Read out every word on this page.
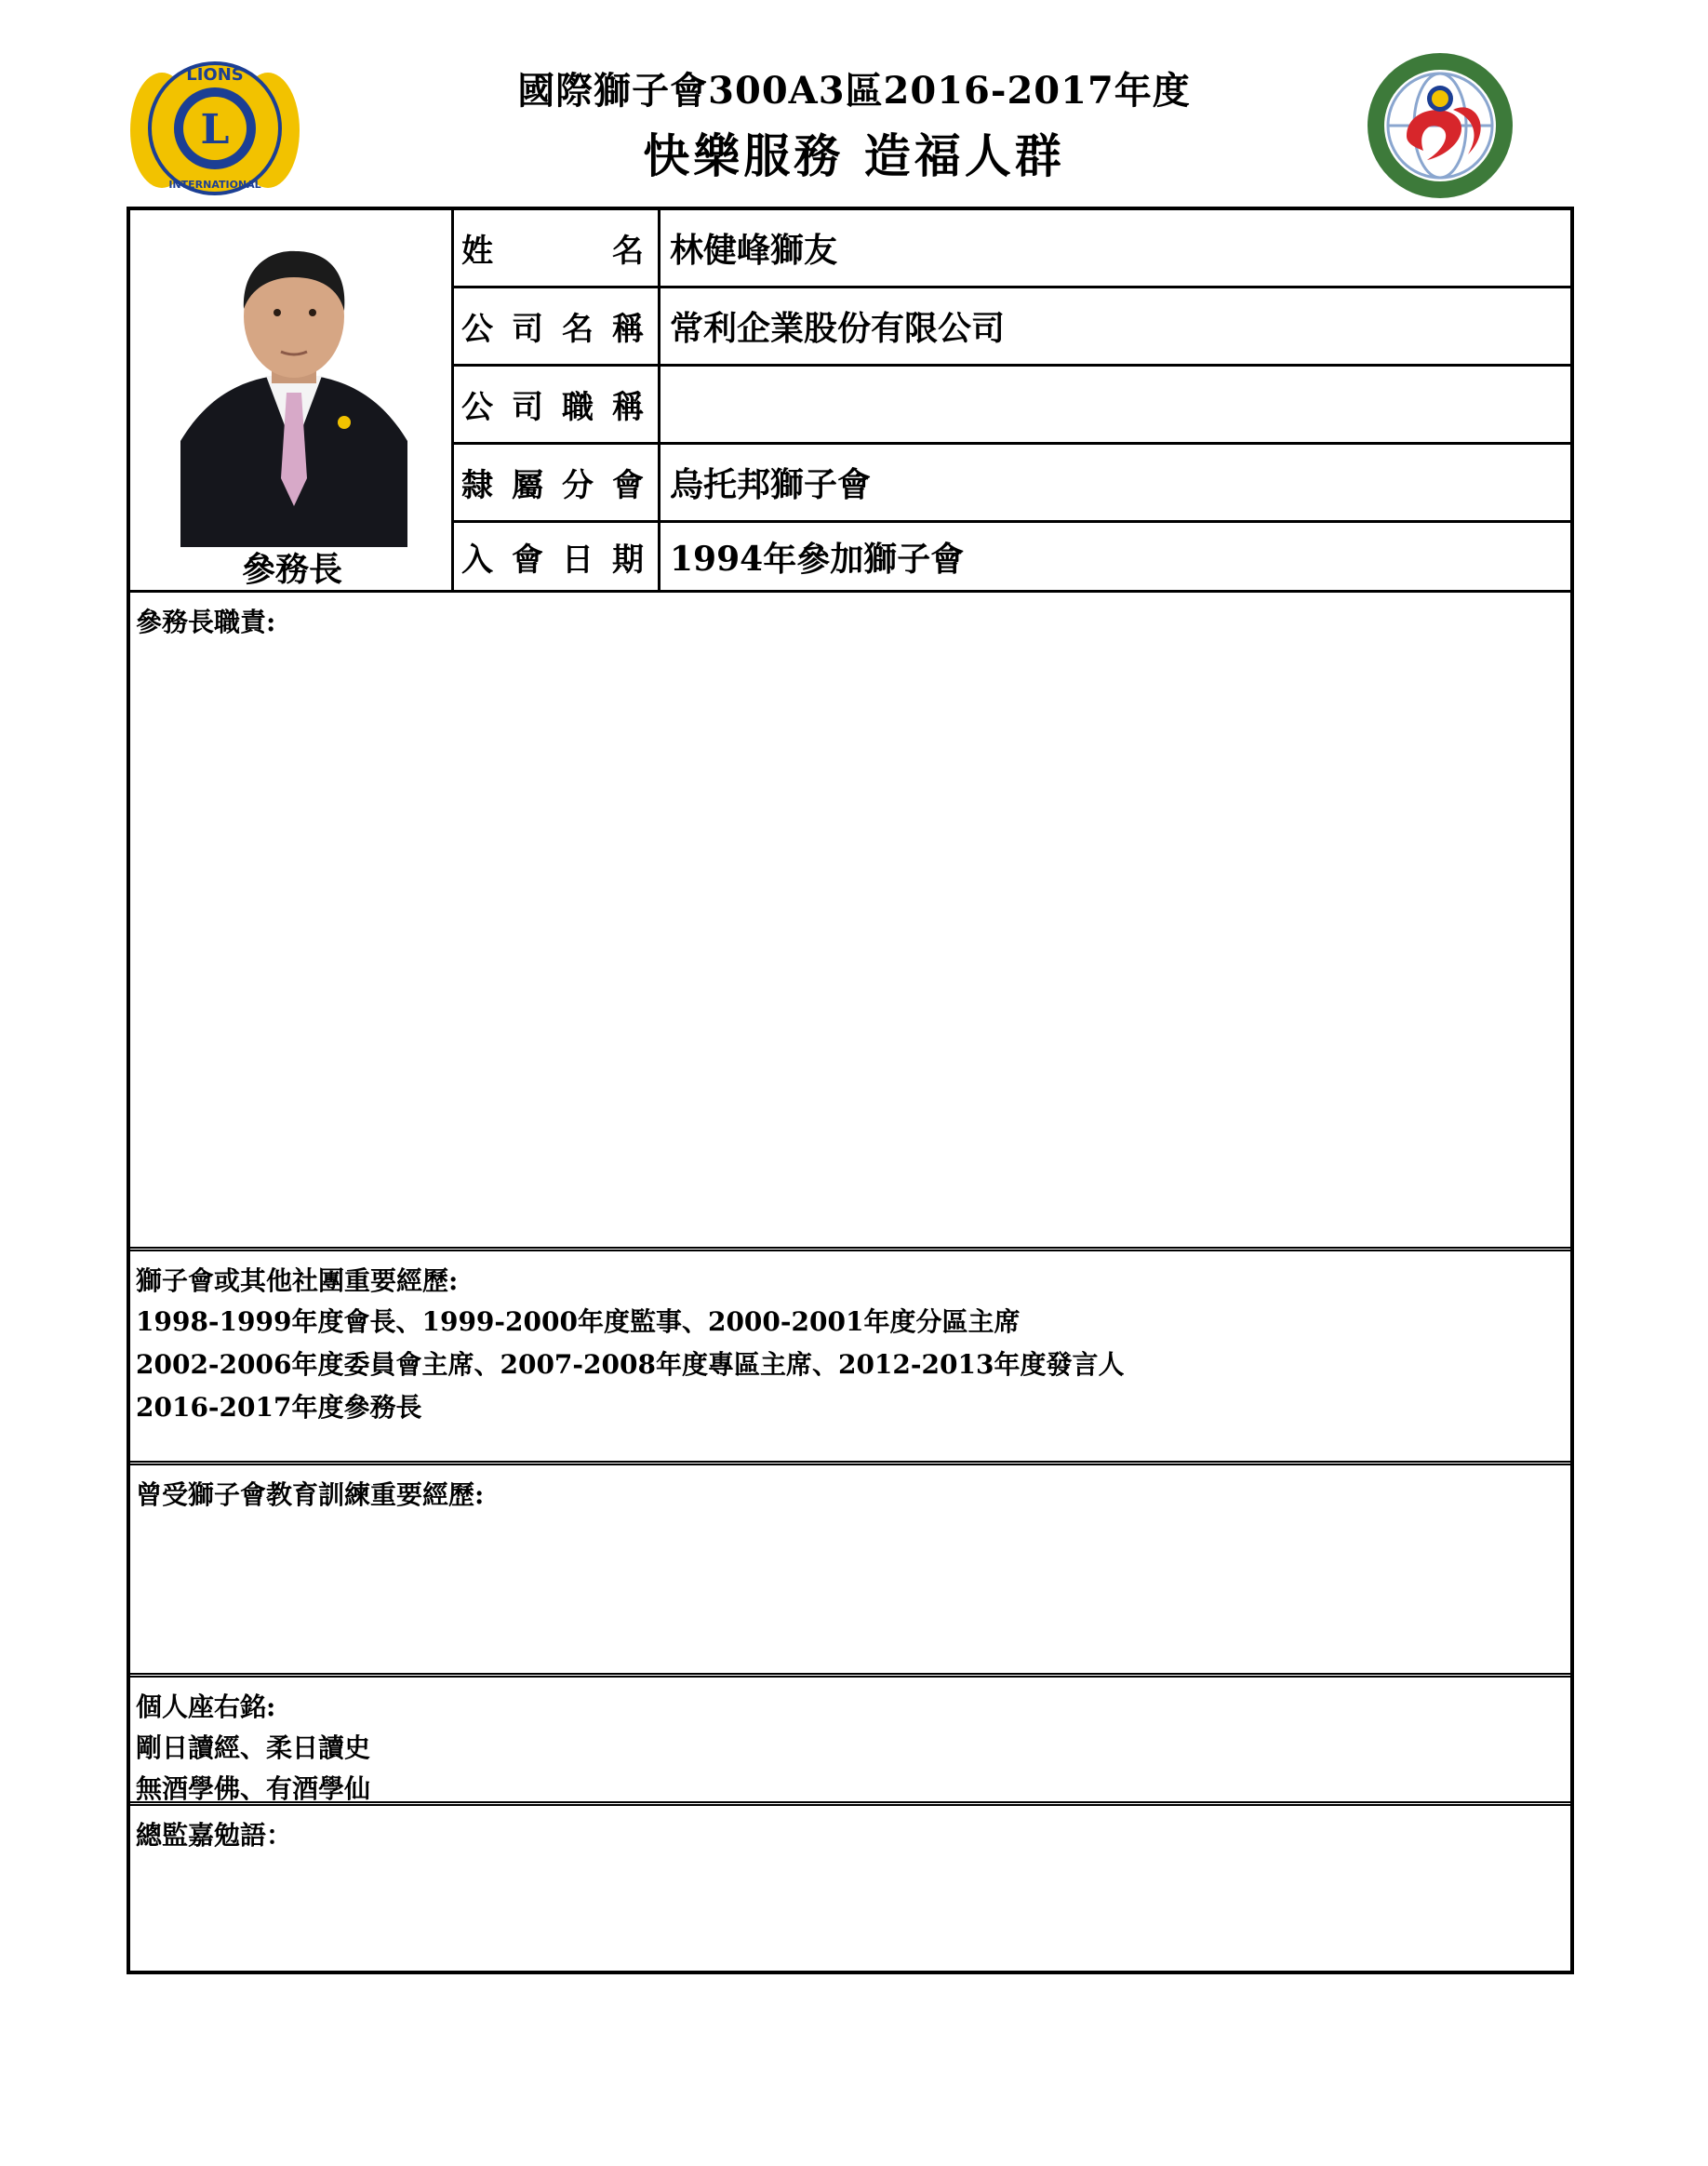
L
LIONS
INTERNATIONAL
國際獅子會300A3區2016-2017年度
快樂服務 造福人群
參務長
姓	名 林健峰獅友
公 司 名 稱 常利企業股份有限公司
公 司 職 稱
隸 屬 分 會 烏托邦獅子會
入 會 日 期 1994年參加獅子會
參務長職責:
獅子會或其他社團重要經歷:
1998-1999年度會長、1999-2000年度監事、2000-2001年度分區主席
2002-2006年度委員會主席、2007-2008年度專區主席、2012-2013年度發言人
2016-2017年度參務長
曾受獅子會教育訓練重要經歷:
個人座右銘:
剛日讀經、柔日讀史
無酒學佛、有酒學仙
總監嘉勉語：
